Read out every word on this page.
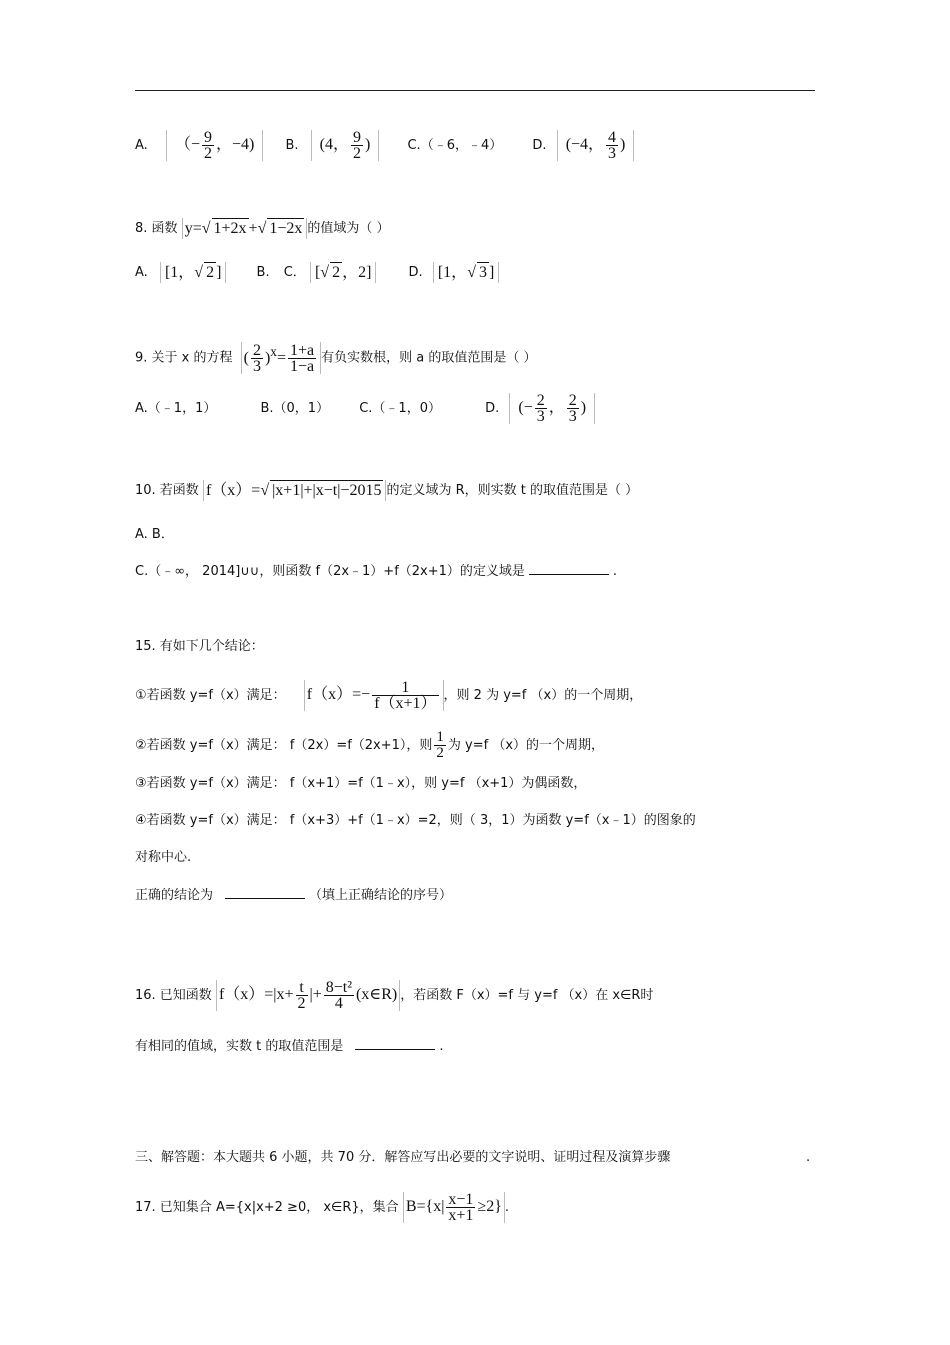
A. （− $\frac{9}{2}$ ，−4) B. (4， $\frac{9}{2}$ )	C.（﹣6，﹣4） D. (−4， $\frac{4}{3}$ )
8. 函数 y=√ 1+2x +√ 1−2x 的值域为（ ）
A. [1，√ 2 ]	B. C． [√ 2 ，2]	D. [1，√ 3 ]
9. 关于 x 的方程 ( $\frac{2}{3} )^x= \frac{1+a}{1-a}$ 有负实数根，则 a 的取值范围是（ ）
A.（﹣1，1）	B.（0，1） C.（﹣1，0）	D. (− $\frac{2}{3}$ ， $\frac{2}{3}$ )
10. 若函数 f（x）=√ |x+1|+|x−t|−2015 的定义域为 R，则实数 t 的取值范围是（ ）
A. B．
C.（﹣∞， 2014]∪∪，则函数 f（2x﹣1）+f（2x+1）的定义域是	.
15. 有如下几个结论：
①若函数 y=f（x）满足： $f(x)=- \frac{1}{f(x+1)}$ ，则 2 为 y=f （x）的一个周期，
②若函数 y=f（x）满足： f（2x）=f（2x+1），则 $\frac{1}{2}$ 为 y=f （x）的一个周期，
③若函数 y=f（x）满足： f（x+1）=f（1﹣x），则 y=f （x+1）为偶函数，
④若函数 y=f（x）满足： f（x+3）+f（1﹣x）=2，则（ 3，1）为函数 y=f（x﹣1）的图象的
对称中心.
正确的结论为	（填上正确结论的序号）
16. 已知函数 $f(x)=|x+ \frac{t}{2}$ |+ $\frac{\text{8−t²}}{4}$ (x∈R) ，若函数 F（x）=f 与 y=f （x）在 x∈R时
有相同的值域，实数 t 的取值范围是	.
三、解答题：本大题共 6 小题，共 70 分．解答应写出必要的文字说明、证明过程及演算步骤	.
17. 已知集合 A={x|x+2 ≥0， x∈R}，集合 $B=\{x| \frac{x-1}{x+1} \ge 2\}$ .
